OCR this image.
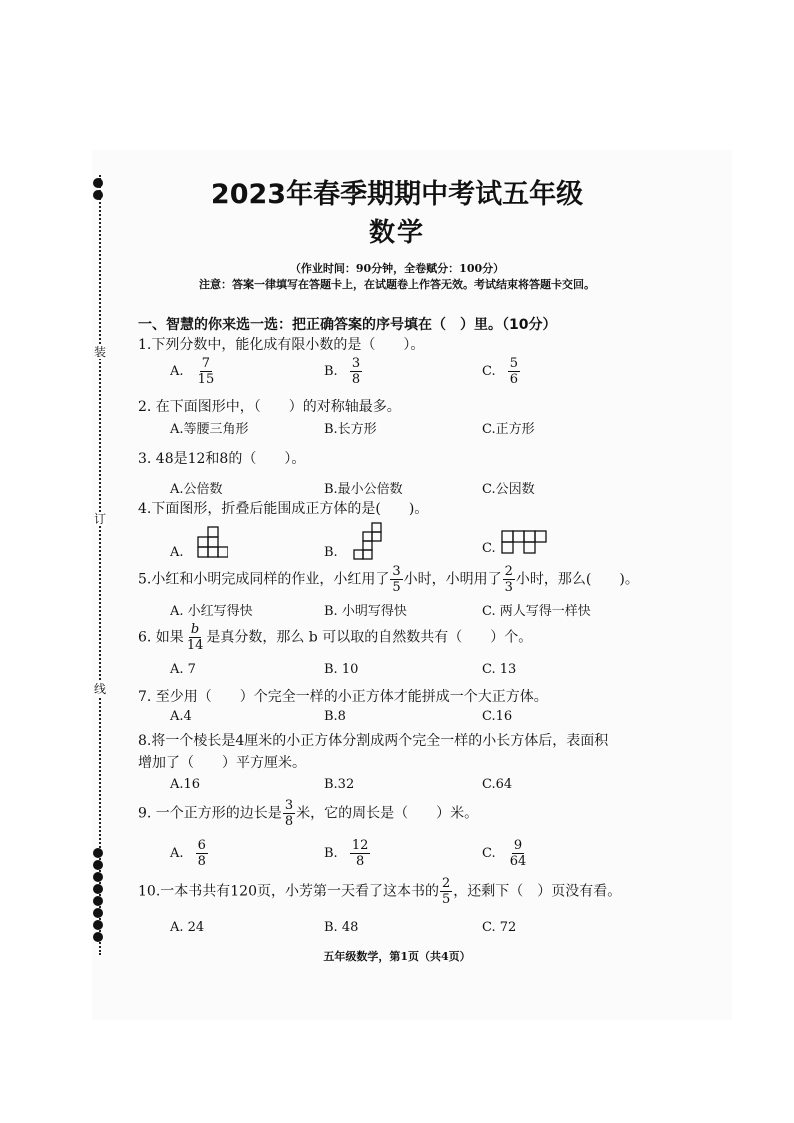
装
订
线
2023年春季期期中考试五年级
数学
（作业时间：90分钟，全卷赋分：100分）
注意：答案一律填写在答题卡上，在试题卷上作答无效。考试结束将答题卡交回。
一、智慧的你来选一选：把正确答案的序号填在（　）里。（10分）
1.下列分数中，能化成有限小数的是（　　）。
A. $\frac{7}{15}$	B. $\frac{3}{8}$	C. $\frac{5}{6}$
2. 在下面图形中，（　　）的对称轴最多。
A.等腰三角形	B.长方形	C.正方形
3. 48是12和8的（　　）。
A.公倍数	B.最小公倍数	C.公因数
4.下面图形，折叠后能围成正方体的是(　　)。
A.	B.	C.
5.小红和小明完成同样的作业，小红用了 $\frac{3}{5}$ 小时，小明用了 $\frac{2}{3}$ 小时，那么(　　)。
A. 小红写得快	B. 小明写得快	C. 两人写得一样快
6. 如果 $\frac{b}{14}$ 是真分数，那么 b 可以取的自然数共有（　　）个。
A. 7	B. 10	C. 13
7. 至少用（　　）个完全一样的小正方体才能拼成一个大正方体。
A.4	B.8	C.16
8.将一个棱长是4厘米的小正方体分割成两个完全一样的小长方体后，表面积
增加了（　　）平方厘米。
A.16	B.32	C.64
9. 一个正方形的边长是 $\frac{3}{8}$ 米，它的周长是（　　）米。
A. $\frac{6}{8}$	B. $\frac{12}{8}$	C. $\frac{9}{64}$
10.一本书共有120页，小芳第一天看了这本书的 $\frac{2}{5}$ ，还剩下（　）页没有看。
A. 24	B. 48	C. 72
五年级数学，第1页（共4页）
